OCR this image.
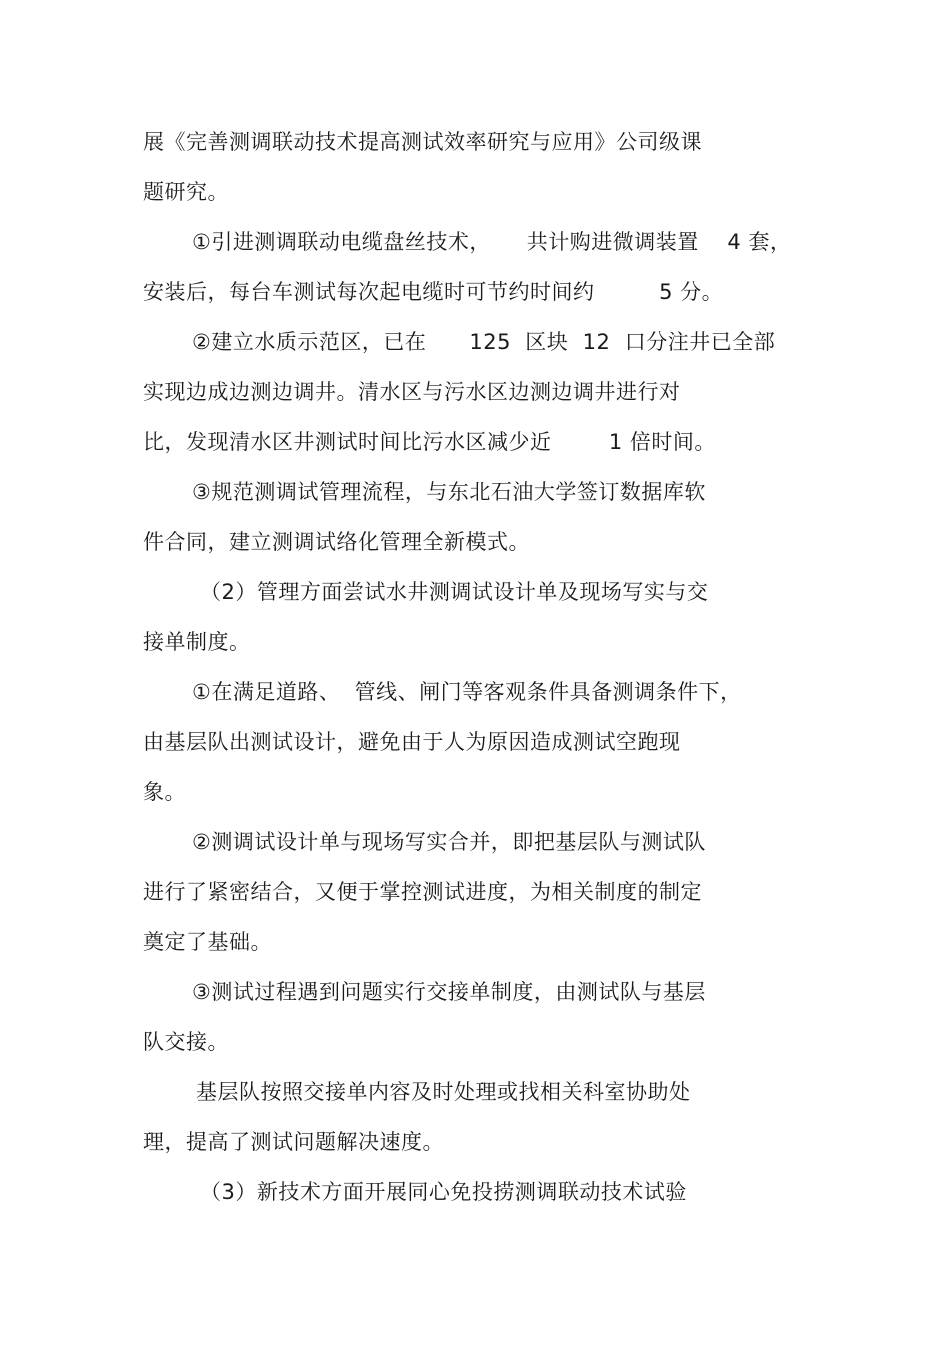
展《完善测调联动技术提高测试效率研究与应用》公司级课
题研究。
①引进测调联动电缆盘丝技术，     共计购进微调装置    4 套，
安装后，每台车测试每次起电缆时可节约时间约         5 分。
②建立水质示范区，已在      125  区块  12  口分注井已全部
实现边成边测边调井。清水区与污水区边测边调井进行对
比，发现清水区井测试时间比污水区减少近        1 倍时间。
③规范测调试管理流程，与东北石油大学签订数据库软
件合同，建立测调试络化管理全新模式。
（2）管理方面尝试水井测调试设计单及现场写实与交
接单制度。
①在满足道路、  管线、闸门等客观条件具备测调条件下，
由基层队出测试设计，避免由于人为原因造成测试空跑现
象。
②测调试设计单与现场写实合并，即把基层队与测试队
进行了紧密结合，又便于掌控测试进度，为相关制度的制定
奠定了基础。
③测试过程遇到问题实行交接单制度，由测试队与基层
队交接。
基层队按照交接单内容及时处理或找相关科室协助处
理，提高了测试问题解决速度。
（3）新技术方面开展同心免投捞测调联动技术试验
